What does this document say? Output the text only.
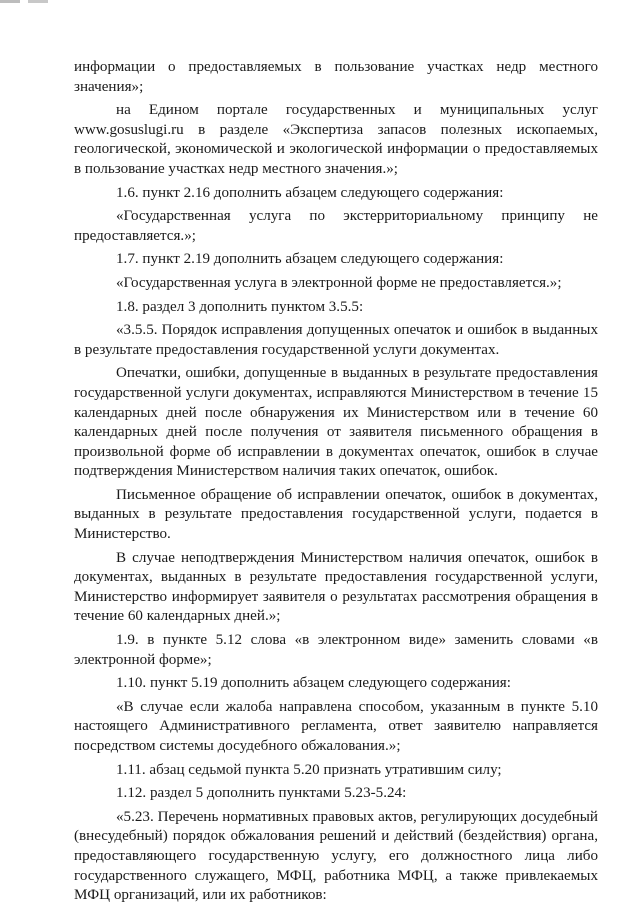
информации о предоставляемых в пользование участках недр местного значения»;

на Едином портале государственных и муниципальных услуг www.gosuslugi.ru в разделе «Экспертиза запасов полезных ископаемых, геологической, экономической и экологической информации о предоставляемых в пользование участках недр местного значения.»;

1.6. пункт 2.16 дополнить абзацем следующего содержания:

«Государственная услуга по экстерриториальному принципу не предоставляется.»;

1.7. пункт 2.19 дополнить абзацем следующего содержания:

«Государственная услуга в электронной форме не предоставляется.»;

1.8. раздел 3 дополнить пунктом 3.5.5:

«3.5.5. Порядок исправления допущенных опечаток и ошибок в выданных в результате предоставления государственной услуги документах.

Опечатки, ошибки, допущенные в выданных в результате предоставления государственной услуги документах, исправляются Министерством в течение 15 календарных дней после обнаружения их Министерством или в течение 60 календарных дней после получения от заявителя письменного обращения в произвольной форме об исправлении в документах опечаток, ошибок в случае подтверждения Министерством наличия таких опечаток, ошибок.

Письменное обращение об исправлении опечаток, ошибок в документах, выданных в результате предоставления государственной услуги, подается в Министерство.

В случае неподтверждения Министерством наличия опечаток, ошибок в документах, выданных в результате предоставления государственной услуги, Министерство информирует заявителя о результатах рассмотрения обращения в течение 60 календарных дней.»;

1.9. в пункте 5.12 слова «в электронном виде» заменить словами «в электронной форме»;

1.10. пункт 5.19 дополнить абзацем следующего содержания:

«В случае если жалоба направлена способом, указанным в пункте 5.10 настоящего Административного регламента, ответ заявителю направляется посредством системы досудебного обжалования.»;

1.11. абзац седьмой пункта 5.20 признать утратившим силу;

1.12. раздел 5 дополнить пунктами 5.23-5.24:

«5.23. Перечень нормативных правовых актов, регулирующих досудебный (внесудебный) порядок обжалования решений и действий (бездействия) органа, предоставляющего государственную услугу, его должностного лица либо государственного служащего, МФЦ, работника МФЦ, а также привлекаемых МФЦ организаций, или их работников:
